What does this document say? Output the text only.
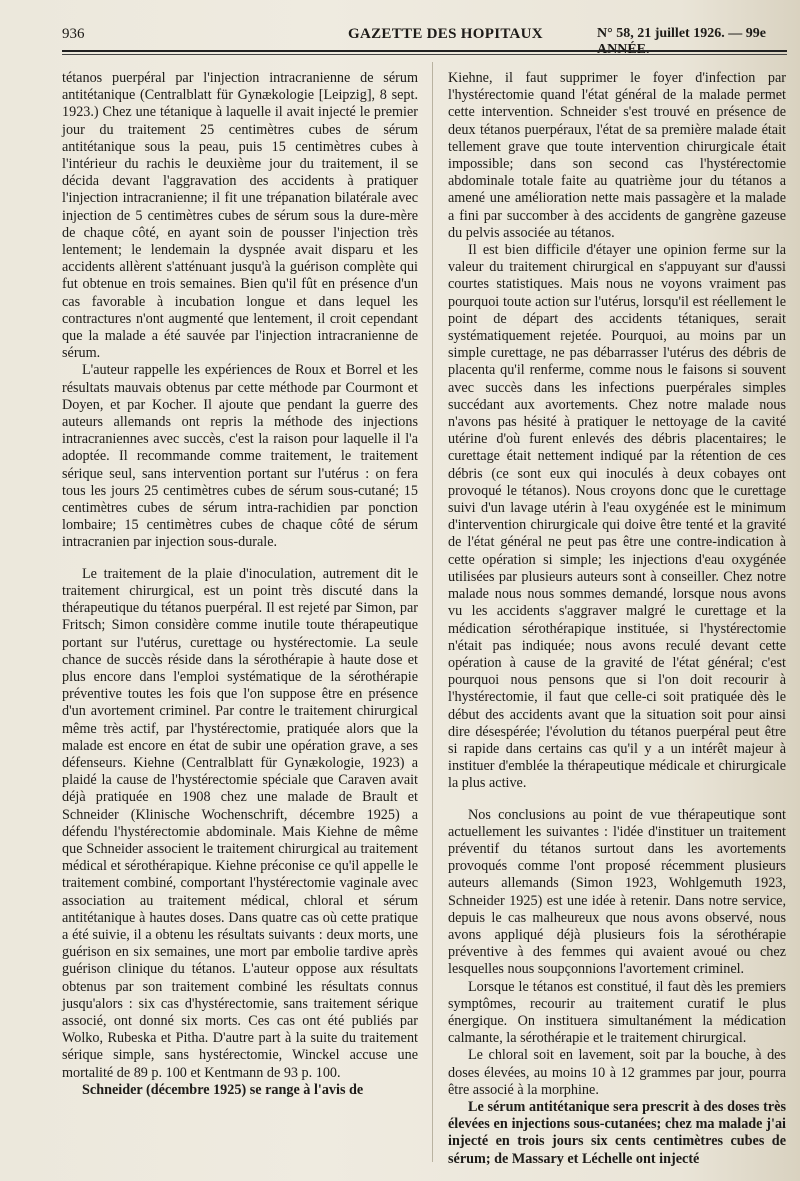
936	GAZETTE DES HOPITAUX	N° 58, 21 juillet 1926. — 99e ANNÉE.

tétanos puerpéral par l'injection intracranienne de sérum antitétanique (Centralblatt für Gynækologie [Leipzig], 8 sept. 1923.) Chez une tétanique à laquelle il avait injecté le premier jour du traitement 25 centimètres cubes de sérum antitétanique sous la peau, puis 15 centimètres cubes à l'intérieur du rachis le deuxième jour du traitement, il se décida devant l'aggravation des accidents à pratiquer l'injection intracranienne; il fit une trépanation bilatérale avec injection de 5 centimètres cubes de sérum sous la dure-mère de chaque côté, en ayant soin de pousser l'injection très lentement; le lendemain la dyspnée avait disparu et les accidents allèrent s'atténuant jusqu'à la guérison complète qui fut obtenue en trois semaines. Bien qu'il fût en présence d'un cas favorable à incubation longue et dans lequel les contractures n'ont augmenté que lentement, il croit cependant que la malade a été sauvée par l'injection intracranienne de sérum.

L'auteur rappelle les expériences de Roux et Borrel et les résultats mauvais obtenus par cette méthode par Courmont et Doyen, et par Kocher. Il ajoute que pendant la guerre des auteurs allemands ont repris la méthode des injections intracraniennes avec succès, c'est la raison pour laquelle il l'a adoptée. Il recommande comme traitement, le traitement sérique seul, sans intervention portant sur l'utérus : on fera tous les jours 25 centimètres cubes de sérum sous-cutané; 15 centimètres cubes de sérum intra-rachidien par ponction lombaire; 15 centimètres cubes de chaque côté de sérum intracranien par injection sous-durale.

Le traitement de la plaie d'inoculation, autrement dit le traitement chirurgical, est un point très discuté dans la thérapeutique du tétanos puerpéral. Il est rejeté par Simon, par Fritsch; Simon considère comme inutile toute thérapeutique portant sur l'utérus, curettage ou hystérectomie. La seule chance de succès réside dans la sérothérapie à haute dose et plus encore dans l'emploi systématique de la sérothérapie préventive toutes les fois que l'on suppose être en présence d'un avortement criminel. Par contre le traitement chirurgical même très actif, par l'hystérectomie, pratiquée alors que la malade est encore en état de subir une opération grave, a ses défenseurs. Kiehne (Centralblatt für Gynækologie, 1923) a plaidé la cause de l'hystérectomie spéciale que Caraven avait déjà pratiquée en 1908 chez une malade de Brault et Schneider (Klinische Wochenschrift, décembre 1925) a défendu l'hystérectomie abdominale. Mais Kiehne de même que Schneider associent le traitement chirurgical au traitement médical et sérothérapique. Kiehne préconise ce qu'il appelle le traitement combiné, comportant l'hystérectomie vaginale avec association au traitement médical, chloral et sérum antitétanique à hautes doses. Dans quatre cas où cette pratique a été suivie, il a obtenu les résultats suivants : deux morts, une guérison en six semaines, une mort par embolie tardive après guérison clinique du tétanos. L'auteur oppose aux résultats obtenus par son traitement combiné les résultats connus jusqu'alors : six cas d'hystérectomie, sans traitement sérique associé, ont donné six morts. Ces cas ont été publiés par Wolko, Rubeska et Pitha. D'autre part à la suite du traitement sérique simple, sans hystérectomie, Winckel accuse une mortalité de 89 p. 100 et Kentmann de 93 p. 100.

Schneider (décembre 1925) se range à l'avis de

Kiehne, il faut supprimer le foyer d'infection par l'hystérectomie quand l'état général de la malade permet cette intervention. Schneider s'est trouvé en présence de deux tétanos puerpéraux, l'état de sa première malade était tellement grave que toute intervention chirurgicale était impossible; dans son second cas l'hystérectomie abdominale totale faite au quatrième jour du tétanos a amené une amélioration nette mais passagère et la malade a fini par succomber à des accidents de gangrène gazeuse du pelvis associée au tétanos.

Il est bien difficile d'étayer une opinion ferme sur la valeur du traitement chirurgical en s'appuyant sur d'aussi courtes statistiques. Mais nous ne voyons vraiment pas pourquoi toute action sur l'utérus, lorsqu'il est réellement le point de départ des accidents tétaniques, serait systématiquement rejetée. Pourquoi, au moins par un simple curettage, ne pas débarrasser l'utérus des débris de placenta qu'il renferme, comme nous le faisons si souvent avec succès dans les infections puerpérales simples succédant aux avortements. Chez notre malade nous n'avons pas hésité à pratiquer le nettoyage de la cavité utérine d'où furent enlevés des débris placentaires; le curettage était nettement indiqué par la rétention de ces débris (ce sont eux qui inoculés à deux cobayes ont provoqué le tétanos). Nous croyons donc que le curettage suivi d'un lavage utérin à l'eau oxygénée est le minimum d'intervention chirurgicale qui doive être tenté et la gravité de l'état général ne peut pas être une contre-indication à cette opération si simple; les injections d'eau oxygénée utilisées par plusieurs auteurs sont à conseiller. Chez notre malade nous nous sommes demandé, lorsque nous avons vu les accidents s'aggraver malgré le curettage et la médication sérothérapique instituée, si l'hystérectomie n'était pas indiquée; nous avons reculé devant cette opération à cause de la gravité de l'état général; c'est pourquoi nous pensons que si l'on doit recourir à l'hystérectomie, il faut que celle-ci soit pratiquée dès le début des accidents avant que la situation soit pour ainsi dire désespérée; l'évolution du tétanos puerpéral peut être si rapide dans certains cas qu'il y a un intérêt majeur à instituer d'emblée la thérapeutique médicale et chirurgicale la plus active.

Nos conclusions au point de vue thérapeutique sont actuellement les suivantes : l'idée d'instituer un traitement préventif du tétanos surtout dans les avortements provoqués comme l'ont proposé récemment plusieurs auteurs allemands (Simon 1923, Wohlgemuth 1923, Schneider 1925) est une idée à retenir. Dans notre service, depuis le cas malheureux que nous avons observé, nous avons appliqué déjà plusieurs fois la sérothérapie préventive à des femmes qui avaient avoué ou chez lesquelles nous soupçonnions l'avortement criminel.

Lorsque le tétanos est constitué, il faut dès les premiers symptômes, recourir au traitement curatif le plus énergique. On instituera simultanément la médication calmante, la sérothérapie et le traitement chirurgical.

Le chloral soit en lavement, soit par la bouche, à des doses élevées, au moins 10 à 12 grammes par jour, pourra être associé à la morphine.

Le sérum antitétanique sera prescrit à des doses très élevées en injections sous-cutanées; chez ma malade j'ai injecté en trois jours six cents centimètres cubes de sérum; de Massary et Léchelle ont injecté
